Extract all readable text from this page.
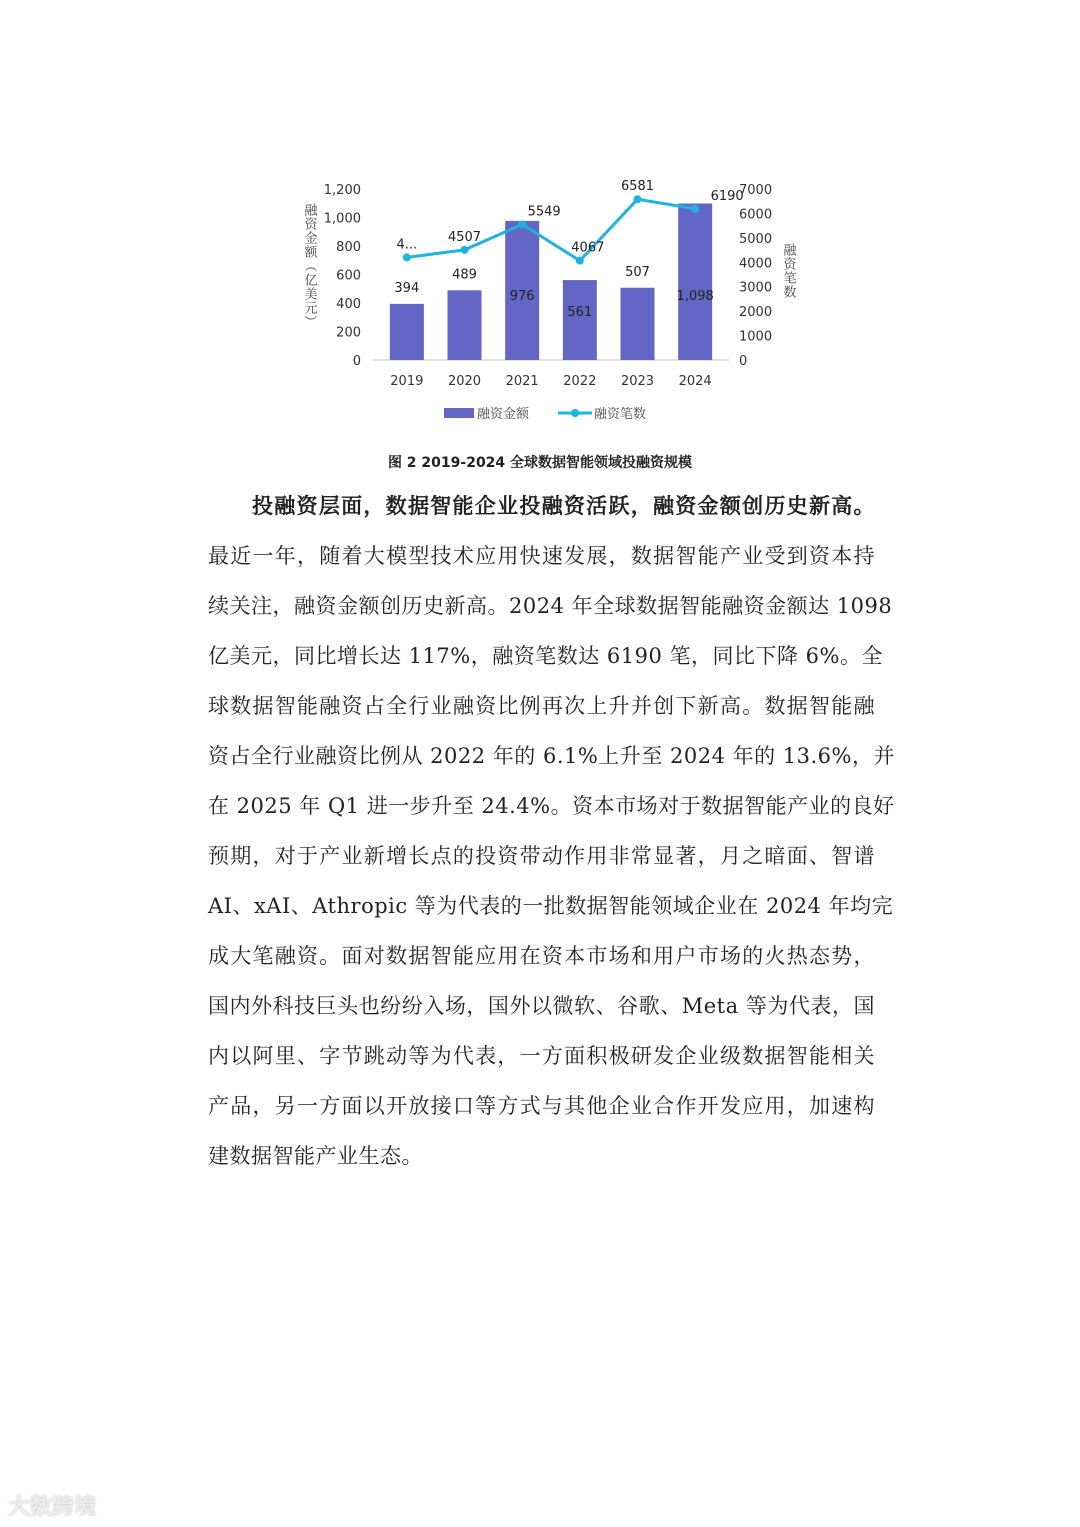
0
200
400
600
800
1,000
1,200
0
1000
2000
3000
4000
5000
6000
7000
394
489
976
561
507
1,098
4... 4507
5549
4067
6581
6190
2019 2020 2021 2022 2023 2024
融资金额（亿美元）	融资笔数
融资金额	融资笔数
图 2 2019-2024 全球数据智能领域投融资规模
投融资层面，数据智能企业投融资活跃，融资金额创历史新高。
最近一年，随着大模型技术应用快速发展，数据智能产业受到资本持
续关注，融资金额创历史新高。2024 年全球数据智能融资金额达 1098
亿美元，同比增长达 117%，融资笔数达 6190 笔，同比下降 6%。全
球数据智能融资占全行业融资比例再次上升并创下新高。数据智能融
资占全行业融资比例从 2022 年的 6.1%上升至 2024 年的 13.6%，并
在 2025 年 Q1 进一步升至 24.4%。资本市场对于数据智能产业的良好
预期，对于产业新增长点的投资带动作用非常显著，月之暗面、智谱
AI、xAI、Athropic 等为代表的一批数据智能领域企业在 2024 年均完
成大笔融资。面对数据智能应用在资本市场和用户市场的火热态势，
国内外科技巨头也纷纷入场，国外以微软、谷歌、Meta 等为代表，国
内以阿里、字节跳动等为代表，一方面积极研发企业级数据智能相关
产品，另一方面以开放接口等方式与其他企业合作开发应用，加速构
建数据智能产业生态。
大数跨境
